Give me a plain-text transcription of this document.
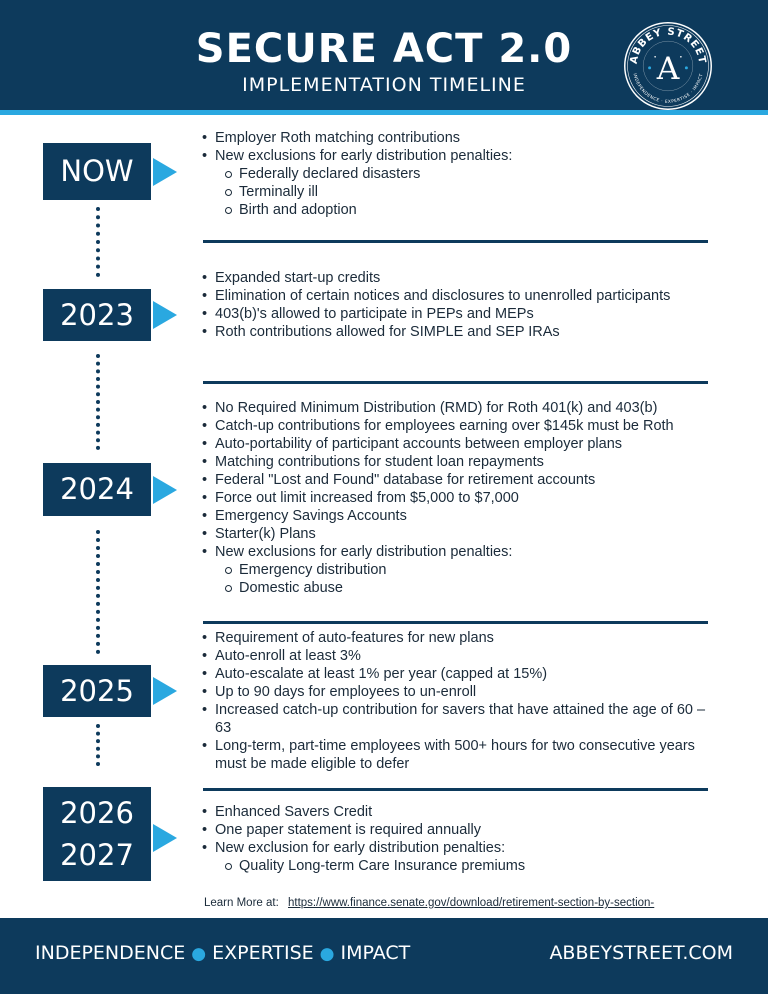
SECURE ACT 2.0
IMPLEMENTATION TIMELINE
ABBEY STREET
INDEPENDENCE · EXPERTISE · IMPACT
A
NOW
2023
2024
2025
2026
2027
• Employer Roth matching contributions
• New exclusions for early distribution penalties:
Federally declared disasters
Terminally ill
Birth and adoption
• Expanded start-up credits
• Elimination of certain notices and disclosures to unenrolled participants
• 403(b)'s allowed to participate in PEPs and MEPs
• Roth contributions allowed for SIMPLE and SEP IRAs
• No Required Minimum Distribution (RMD) for Roth 401(k) and 403(b)
• Catch-up contributions for employees earning over $145k must be Roth
• Auto-portability of participant accounts between employer plans
• Matching contributions for student loan repayments
• Federal "Lost and Found" database for retirement accounts
• Force out limit increased from $5,000 to $7,000
• Emergency Savings Accounts
• Starter(k) Plans
• New exclusions for early distribution penalties:
Emergency distribution
Domestic abuse
• Requirement of auto-features for new plans
• Auto-enroll at least 3%
• Auto-escalate at least 1% per year (capped at 15%)
• Up to 90 days for employees to un-enroll
• Increased catch-up contribution for savers that have attained the age of 60 – 63
• Long-term, part-time employees with 500+ hours for two consecutive years must be made eligible to defer
• Enhanced Savers Credit
• One paper statement is required annually
• New exclusion for early distribution penalties:
Quality Long-term Care Insurance premiums
Learn More at: https://www.finance.senate.gov/download/retirement-section-by-section-
INDEPENDENCE ● EXPERTISE ● IMPACT	ABBEYSTREET.COM
